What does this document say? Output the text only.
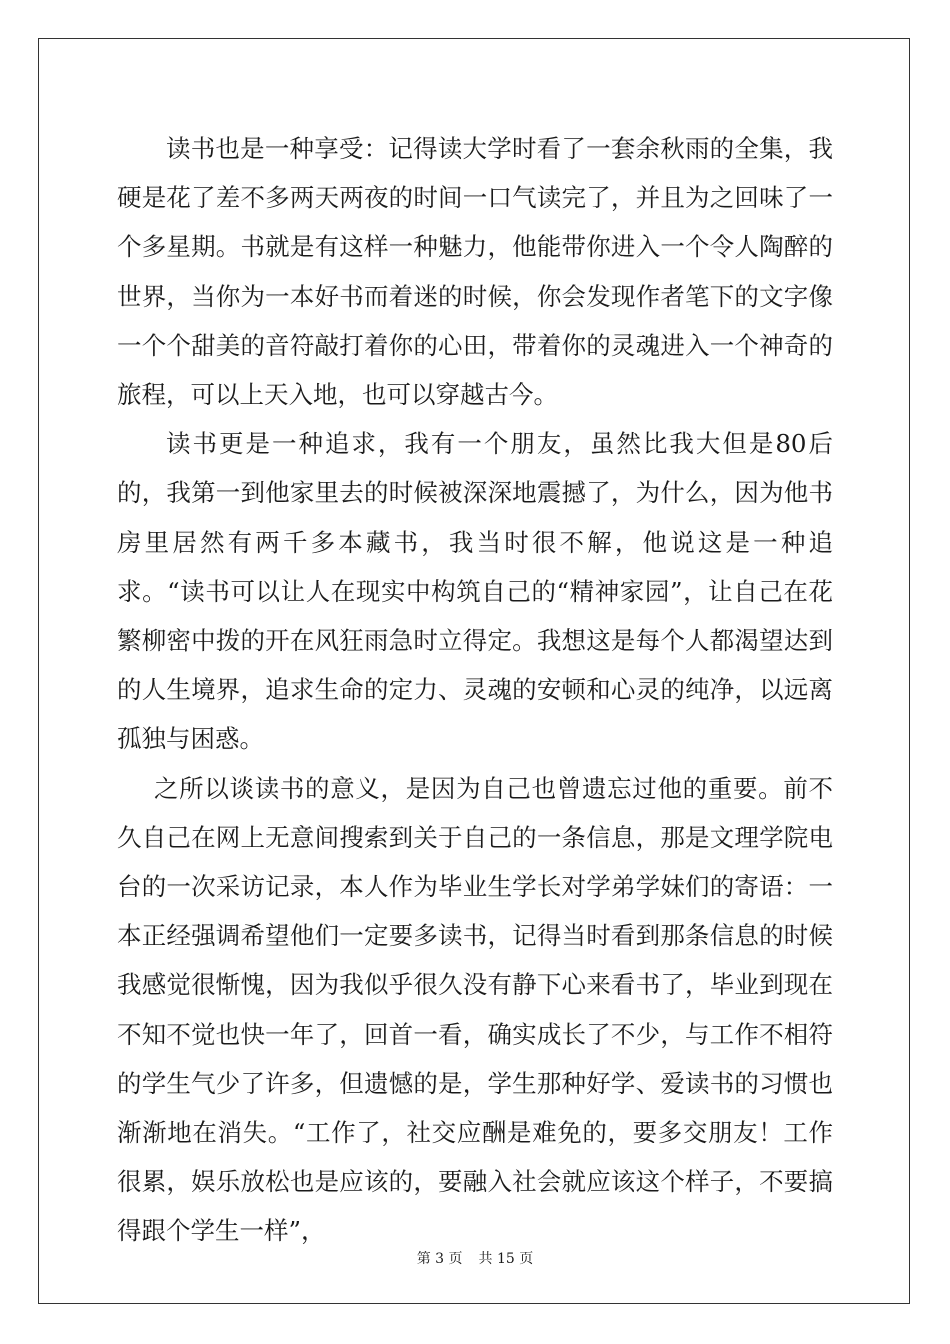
读书也是一种享受：记得读大学时看了一套余秋雨的全集，我硬是花了差不多两天两夜的时间一口气读完了，并且为之回味了一个多星期。书就是有这样一种魅力，他能带你进入一个令人陶醉的世界，当你为一本好书而着迷的时候，你会发现作者笔下的文字像一个个甜美的音符敲打着你的心田，带着你的灵魂进入一个神奇的旅程，可以上天入地，也可以穿越古今。

读书更是一种追求，我有一个朋友，虽然比我大但是80后的，我第一到他家里去的时候被深深地震撼了，为什么，因为他书房里居然有两千多本藏书，我当时很不解，他说这是一种追求。“读书可以让人在现实中构筑自己的“精神家园”，让自己在花繁柳密中拨的开在风狂雨急时立得定。我想这是每个人都渴望达到的人生境界，追求生命的定力、灵魂的安顿和心灵的纯净，以远离孤独与困惑。

之所以谈读书的意义，是因为自己也曾遗忘过他的重要。前不久自己在网上无意间搜索到关于自己的一条信息，那是文理学院电台的一次采访记录，本人作为毕业生学长对学弟学妹们的寄语：一本正经强调希望他们一定要多读书，记得当时看到那条信息的时候我感觉很惭愧，因为我似乎很久没有静下心来看书了，毕业到现在不知不觉也快一年了，回首一看，确实成长了不少，与工作不相符的学生气少了许多，但遗憾的是，学生那种好学、爱读书的习惯也渐渐地在消失。“工作了，社交应酬是难免的，要多交朋友！工作很累，娱乐放松也是应该的，要融入社会就应该这个样子，不要搞得跟个学生一样”，

第 3 页 共 15 页
